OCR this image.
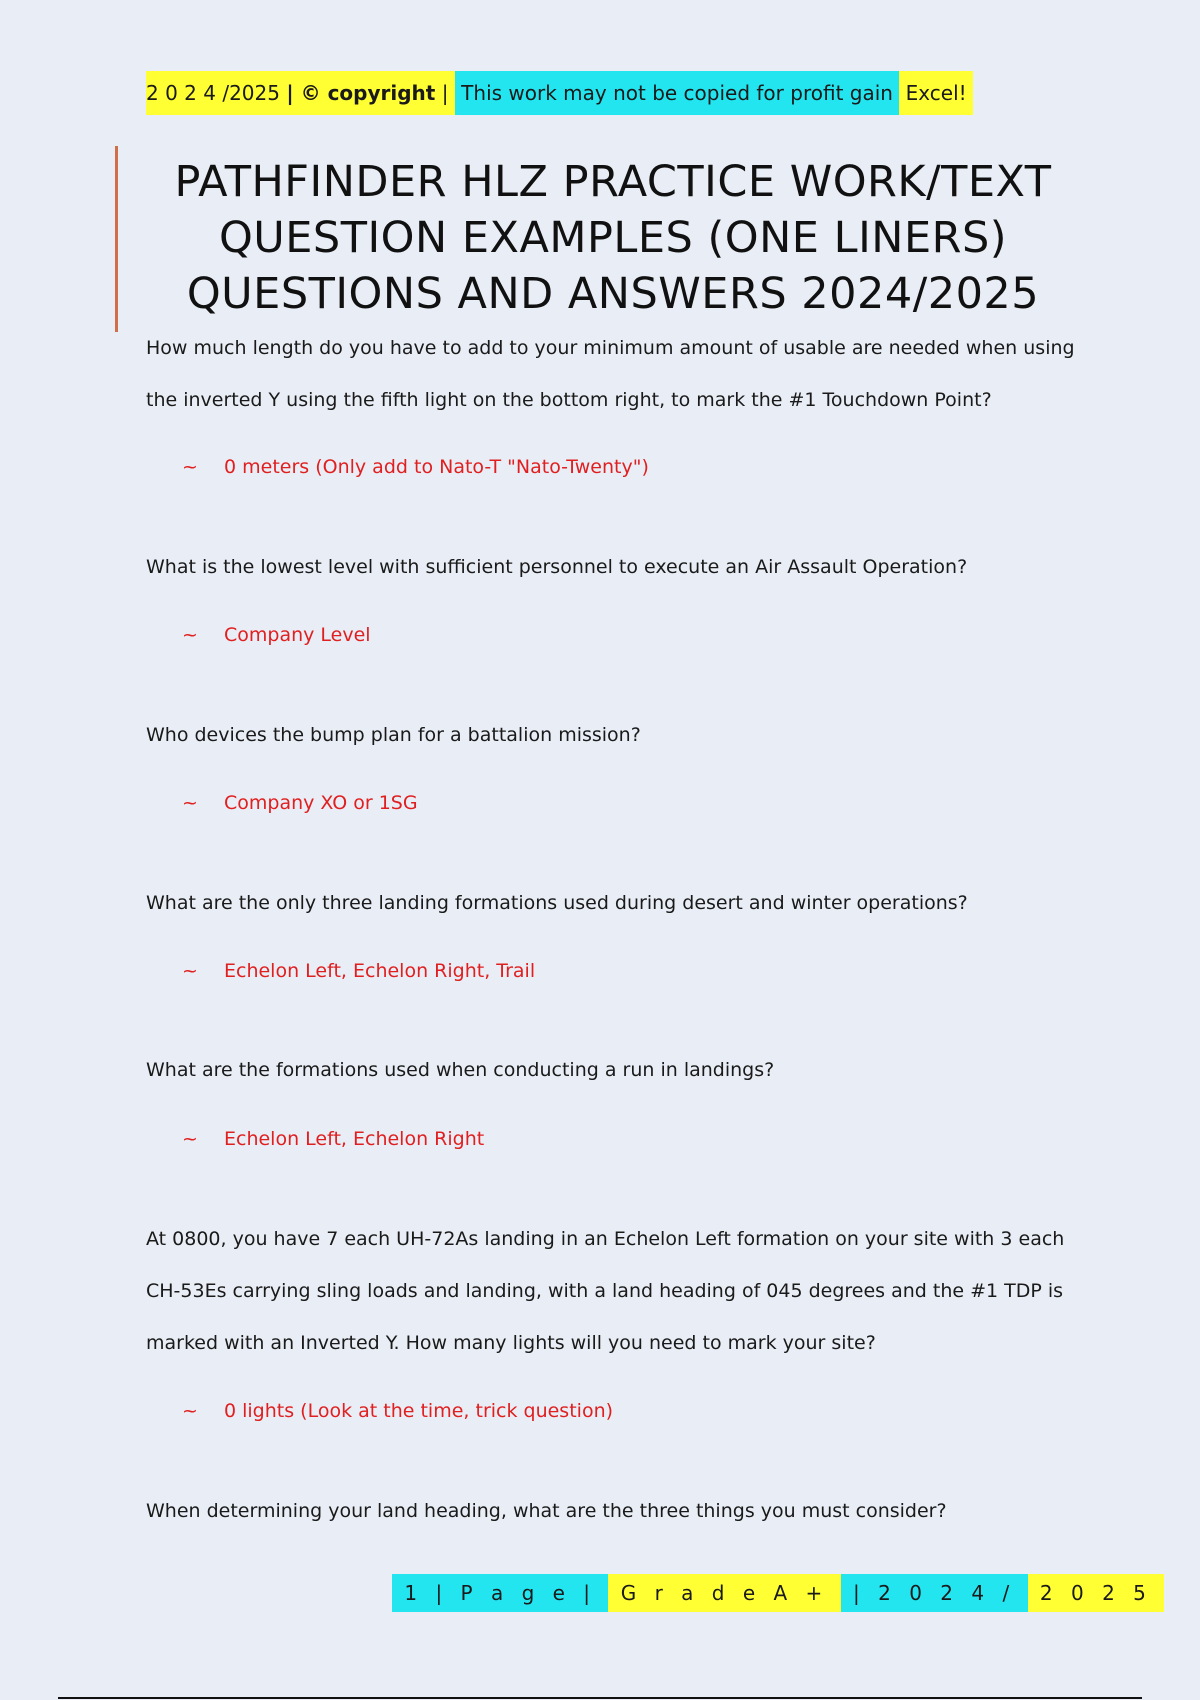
2 0 2 4 /2025 | © copyright | This work may not be copied for profit gain Excel!
PATHFINDER HLZ PRACTICE WORK/TEXT QUESTION EXAMPLES (ONE LINERS) QUESTIONS AND ANSWERS 2024/2025

How much length do you have to add to your minimum amount of usable are needed when using the inverted Y using the fifth light on the bottom right, to mark the #1 Touchdown Point?

~ 0 meters (Only add to Nato-T "Nato-Twenty")

What is the lowest level with sufficient personnel to execute an Air Assault Operation?

~ Company Level

Who devices the bump plan for a battalion mission?

~ Company XO or 1SG

What are the only three landing formations used during desert and winter operations?

~ Echelon Left, Echelon Right, Trail

What are the formations used when conducting a run in landings?

~ Echelon Left, Echelon Right

At 0800, you have 7 each UH-72As landing in an Echelon Left formation on your site with 3 each CH-53Es carrying sling loads and landing, with a land heading of 045 degrees and the #1 TDP is marked with an Inverted Y. How many lights will you need to mark your site?

~ 0 lights (Look at the time, trick question)

When determining your land heading, what are the three things you must consider?

1 | P a g e | G r a d e A + | 2 0 2 4 / 2 0 2 5
